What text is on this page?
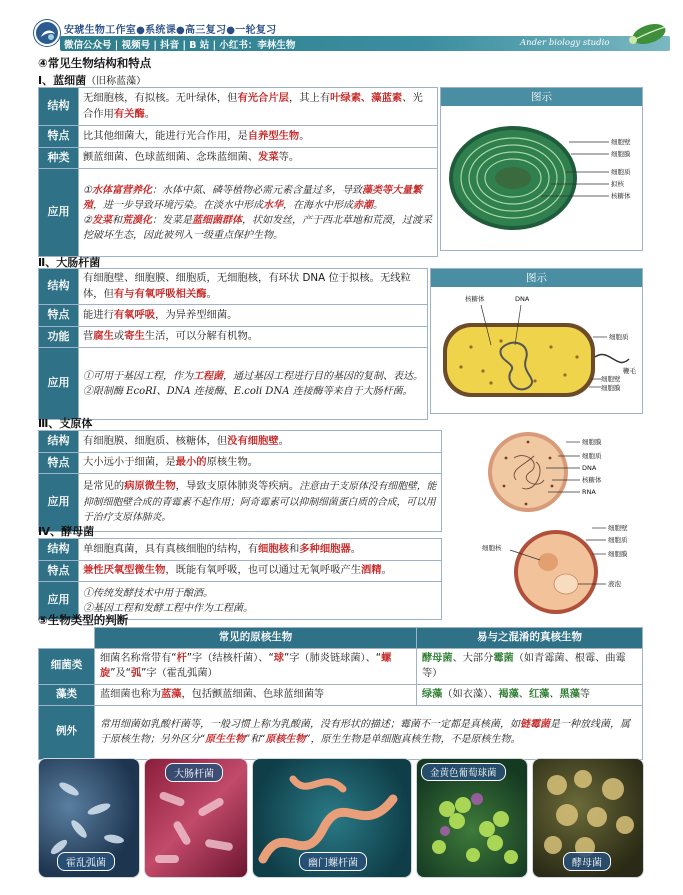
安琥生物工作室●系统课●高三复习●一轮复习
微信公众号 | 视频号 | 抖音 | B 站 | 小红书：李林生物	Ander biology studio
④常见生物结构和特点
Ⅰ、蓝细菌（旧称蓝藻）
结构	无细胞核，有拟核。无叶绿体，但有光合片层，其上有叶绿素、藻蓝素、光合作用有关酶。
特点	比其他细菌大，能进行光合作用，是自养型生物。
种类	颤蓝细菌、色球蓝细菌、念珠蓝细菌、发菜等。
应用	①水体富营养化：水体中氮、磷等植物必需元素含量过多，导致藻类等大量繁殖，进一步导致环境污染。在淡水中形成水华，在海水中形成赤潮。
②发菜和荒漠化：发菜是蓝细菌群体，状如发丝，产于西北草地和荒漠，过渡采挖破坏生态，因此被列入一级重点保护生物。
图示
细胞壁
细胞膜
细胞质
拟核
核糖体
Ⅱ、大肠杆菌
结构	有细胞壁、细胞膜、细胞质，无细胞核，有环状 DNA 位于拟核。无线粒体，但有与有氧呼吸相关酶。
特点	能进行有氧呼吸，为异养型细菌。
功能	营腐生或寄生生活，可以分解有机物。
应用	①可用于基因工程，作为工程菌，通过基因工程进行目的基因的复制、表达。
②限制酶 EcoRⅠ、DNA 连接酶、E.coli DNA 连接酶等来自于大肠杆菌。
图示
核糖体	DNA
细胞质
细胞壁
细胞膜
鞭毛
Ⅲ、支原体
结构	有细胞膜、细胞质、核糖体，但没有细胞壁。
特点	大小远小于细菌，是最小的原核生物。
应用	是常见的病原微生物，导致支原体肺炎等疾病。注意由于支原体没有细胞壁，能抑制细胞壁合成的青霉素不起作用；阿奇霉素可以抑制细菌蛋白质的合成，可以用于治疗支原体肺炎。
细胞膜
细胞质
DNA
核糖体
RNA
Ⅳ、酵母菌
结构	单细胞真菌，具有真核细胞的结构，有细胞核和多种细胞器。
特点	兼性厌氧型微生物，既能有氧呼吸，也可以通过无氧呼吸产生酒精。
应用	①传统发酵技术中用于酿酒。
②基因工程和发酵工程中作为工程菌。
细胞核
细胞壁
细胞质
细胞膜
液泡
⑤生物类型的判断
	常见的原核生物	易与之混淆的真核生物
细菌类	细菌名称常带有“杆”字（结核杆菌）、“球”字（肺炎链球菌）、“螺旋”及“弧”字（霍乱弧菌）	酵母菌、大部分霉菌（如青霉菌、根霉、曲霉等）
藻类	蓝细菌也称为蓝藻，包括颤蓝细菌、色球蓝细菌等	绿藻（如衣藻）、褐藻、红藻、黑藻等
例外	常用细菌如乳酸杆菌等，一般习惯上称为乳酸菌，没有形状的描述；霉菌不一定都是真核菌，如链霉菌是一种放线菌，属于原核生物；另外区分“原生生物”和“原核生物”，原生生物是单细胞真核生物，不是原核生物。	
霍乱弧菌
大肠杆菌
幽门螺杆菌
金黄色葡萄球菌
酵母菌
